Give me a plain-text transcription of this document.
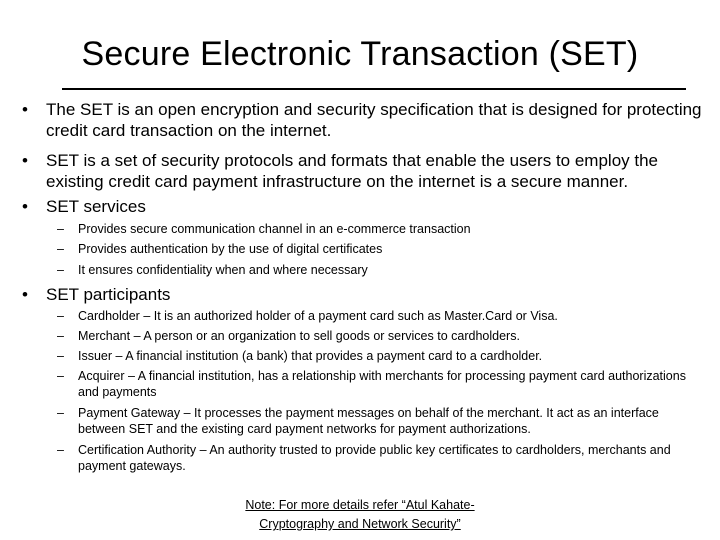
Secure Electronic Transaction (SET)
•	The SET is an open encryption and security specification that is designed for protecting credit card transaction on the internet.
•	SET is a set of security protocols and formats that enable the users to employ the existing credit card payment infrastructure on the internet is a secure manner.
•	SET services
–	Provides secure communication channel in an e-commerce transaction
–	Provides authentication by the use of digital certificates
–	It ensures confidentiality when and where necessary
•	SET participants
–	Cardholder – It is an authorized holder of a payment card such as Master.Card or Visa.
–	Merchant – A person or an organization to sell goods or services to cardholders.
–	Issuer – A financial institution (a bank) that provides a payment card to a cardholder.
–	Acquirer – A financial institution, has a relationship with merchants for processing payment card authorizations and payments
–	Payment Gateway – It processes the payment messages on behalf of the merchant. It act as an interface between SET and the existing card payment networks for payment authorizations.
–	Certification Authority – An authority trusted to provide public key certificates to cardholders, merchants and payment gateways.
Note: For more details refer “Atul Kahate-Cryptography and Network Security”
